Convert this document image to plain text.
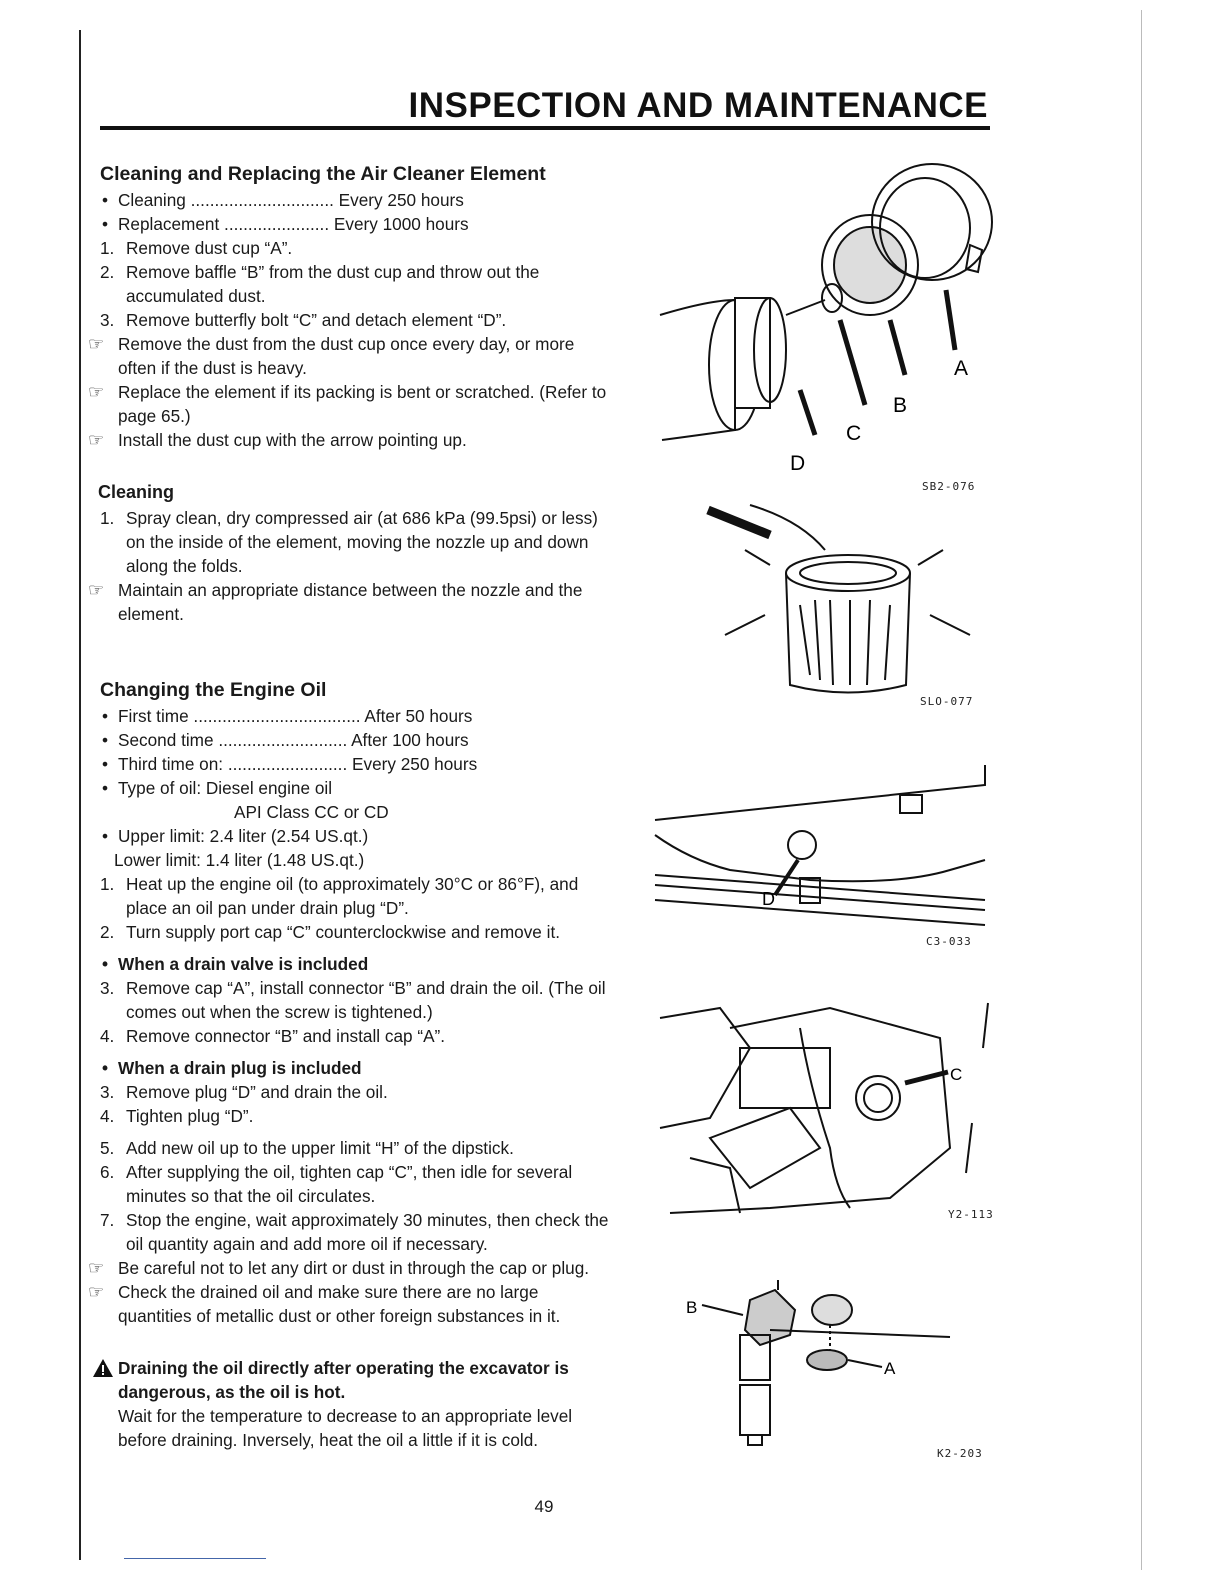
INSPECTION AND MAINTENANCE
Cleaning and Replacing the Air Cleaner Element
• Cleaning .............................. Every 250 hours
• Replacement ...................... Every 1000 hours
1. Remove dust cup “A”.
2. Remove baffle “B” from the dust cup and throw out the accumulated dust.
3. Remove butterfly bolt “C” and detach element “D”.
☞ Remove the dust from the dust cup once every day, or more often if the dust is heavy.
☞ Replace the element if its packing is bent or scratched. (Refer to page 65.)
☞ Install the dust cup with the arrow pointing up.
Cleaning
1. Spray clean, dry compressed air (at 686 kPa (99.5psi) or less) on the inside of the element, moving the nozzle up and down along the folds.
☞ Maintain an appropriate distance between the nozzle and the element.
Changing the Engine Oil
• First time ................................... After 50 hours
• Second time ........................... After 100 hours
• Third time on: ......................... Every 250 hours
• Type of oil: Diesel engine oil
API Class CC or CD
• Upper limit: 2.4 liter (2.54 US.qt.)
Lower limit: 1.4 liter (1.48 US.qt.)
1. Heat up the engine oil (to approximately 30°C or 86°F), and place an oil pan under drain plug “D”.
2. Turn supply port cap “C” counterclockwise and remove it.
• When a drain valve is included
3. Remove cap “A”, install connector “B” and drain the oil. (The oil comes out when the screw is tightened.)
4. Remove connector “B” and install cap “A”.
• When a drain plug is included
3. Remove plug “D” and drain the oil.
4. Tighten plug “D”.
5. Add new oil up to the upper limit “H” of the dipstick.
6. After supplying the oil, tighten cap “C”, then idle for several minutes so that the oil circulates.
7. Stop the engine, wait approximately 30 minutes, then check the oil quantity again and add more oil if necessary.
☞ Be careful not to let any dirt or dust in through the cap or plug.
☞ Check the drained oil and make sure there are no large quantities of metallic dust or other foreign substances in it.
Draining the oil directly after operating the excavator is dangerous, as the oil is hot.
Wait for the temperature to decrease to an appropriate level before draining. Inversely, heat the oil a little if it is cold.
A
B
C
D
SB2-076
SLO-077
D
C3-033
C
Y2-113
B
A
K2-203
49
